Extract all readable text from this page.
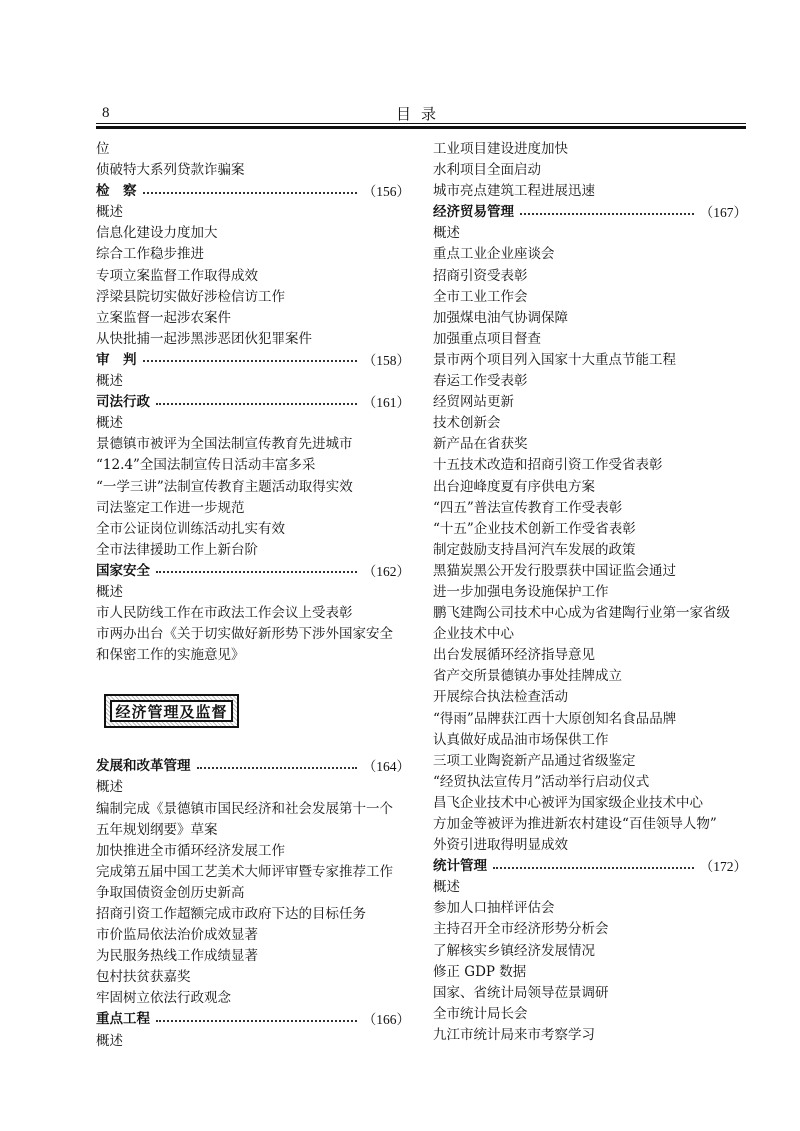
8	目录
位
侦破特大系列贷款诈骗案
检　察	（156）
概述
信息化建设力度加大
综合工作稳步推进
专项立案监督工作取得成效
浮梁县院切实做好涉检信访工作
立案监督一起涉农案件
从快批捕一起涉黑涉恶团伙犯罪案件
审　判	（158）
概述
司法行政	（161）
概述
景德镇市被评为全国法制宣传教育先进城市
“12.4”全国法制宣传日活动丰富多采
“一学三讲”法制宣传教育主题活动取得实效
司法鉴定工作进一步规范
全市公证岗位训练活动扎实有效
全市法律援助工作上新台阶
国家安全	（162）
概述
市人民防线工作在市政法工作会议上受表彰
市两办出台《关于切实做好新形势下涉外国家安全
和保密工作的实施意见》
经济管理及监督
发展和改革管理	（164）
概述
编制完成《景德镇市国民经济和社会发展第十一个
五年规划纲要》草案
加快推进全市循环经济发展工作
完成第五届中国工艺美术大师评审暨专家推荐工作
争取国债资金创历史新高
招商引资工作超额完成市政府下达的目标任务
市价监局依法治价成效显著
为民服务热线工作成绩显著
包村扶贫获嘉奖
牢固树立依法行政观念
重点工程	（166）
概述
工业项目建设进度加快
水利项目全面启动
城市亮点建筑工程进展迅速
经济贸易管理	（167）
概述
重点工业企业座谈会
招商引资受表彰
全市工业工作会
加强煤电油气协调保障
加强重点项目督查
景市两个项目列入国家十大重点节能工程
春运工作受表彰
经贸网站更新
技术创新会
新产品在省获奖
十五技术改造和招商引资工作受省表彰
出台迎峰度夏有序供电方案
“四五”普法宣传教育工作受表彰
“十五”企业技术创新工作受省表彰
制定鼓励支持昌河汽车发展的政策
黑猫炭黑公开发行股票获中国证监会通过
进一步加强电务设施保护工作
鹏飞建陶公司技术中心成为省建陶行业第一家省级
企业技术中心
出台发展循环经济指导意见
省产交所景德镇办事处挂牌成立
开展综合执法检查活动
“得雨”品牌获江西十大原创知名食品品牌
认真做好成品油市场保供工作
三项工业陶瓷新产品通过省级鉴定
“经贸执法宣传月”活动举行启动仪式
昌飞企业技术中心被评为国家级企业技术中心
方加金等被评为推进新农村建设“百佳领导人物”
外资引进取得明显成效
统计管理	（172）
概述
参加人口抽样评估会
主持召开全市经济形势分析会
了解核实乡镇经济发展情况
修正 GDP 数据
国家、省统计局领导莅景调研
全市统计局长会
九江市统计局来市考察学习
